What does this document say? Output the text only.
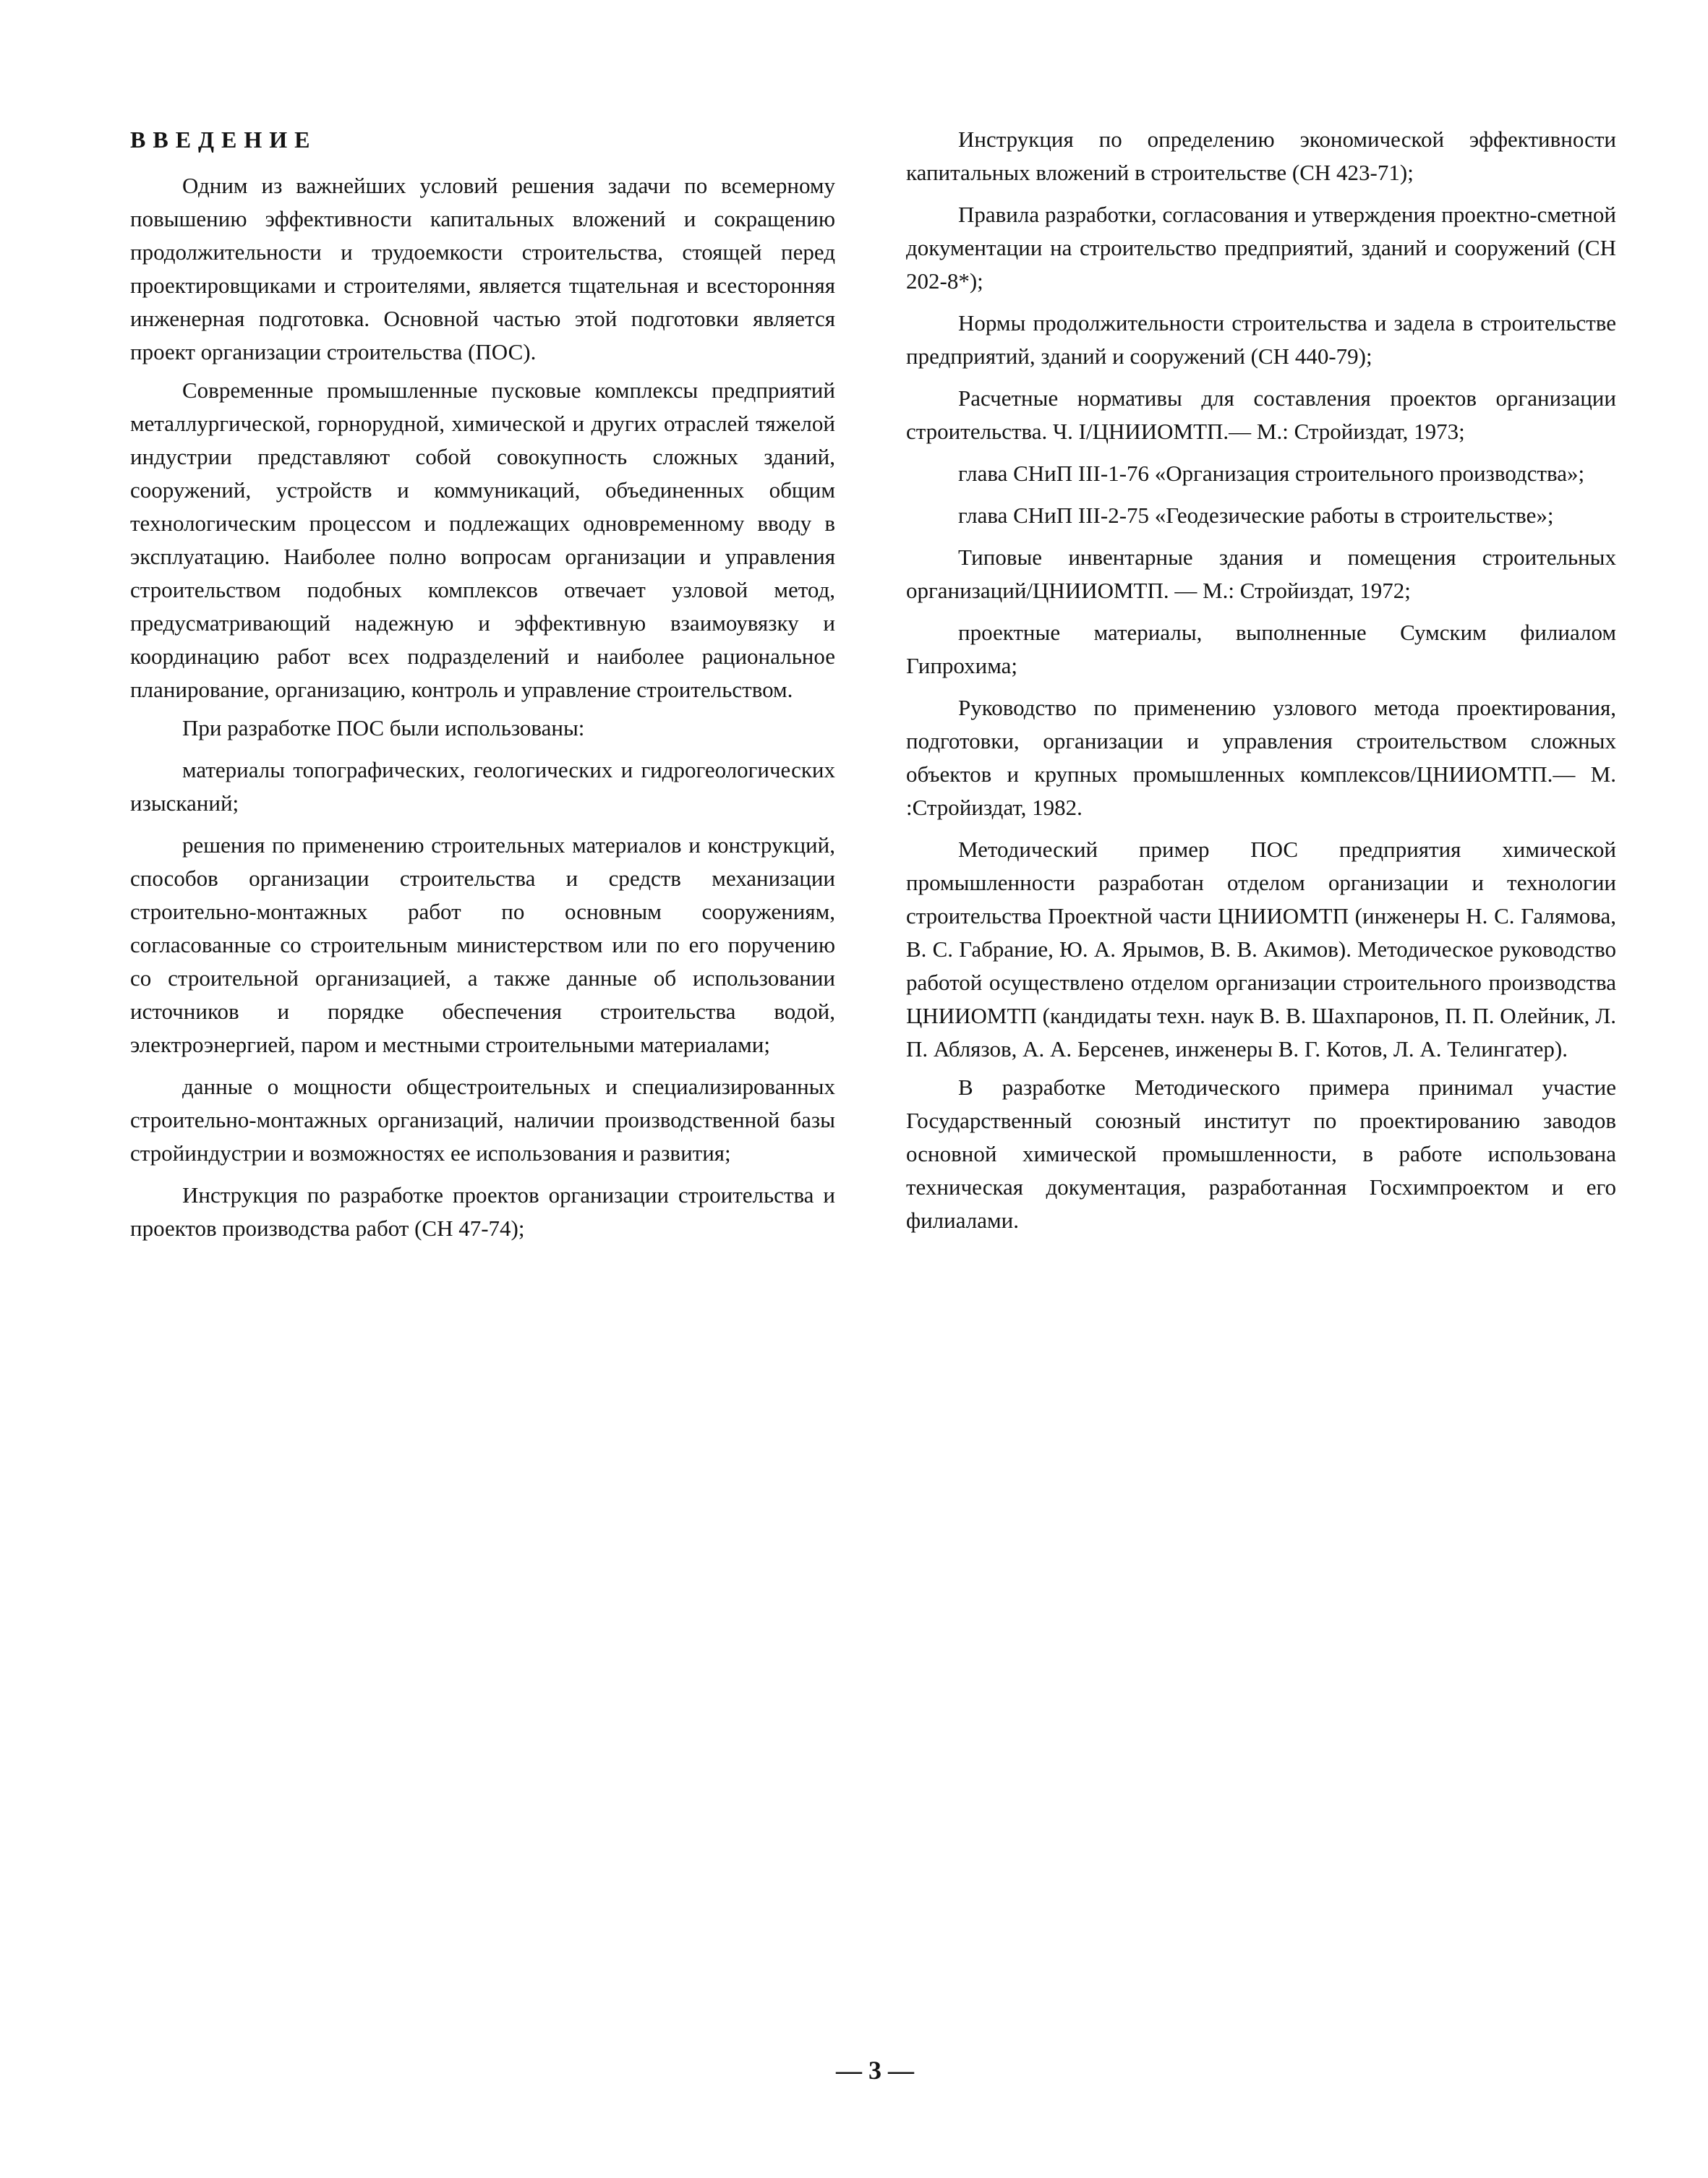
ВВЕДЕНИЕ

Одним из важнейших условий решения задачи по всемерному повышению эффективности капитальных вложений и сокращению продолжительности и трудоемкости строительства, стоящей перед проектировщиками и строителями, является тщательная и всесторонняя инженерная подготовка. Основной частью этой подготовки является проект организации строительства (ПОС).

Современные промышленные пусковые комплексы предприятий металлургической, горнорудной, химической и других отраслей тяжелой индустрии представляют собой совокупность сложных зданий, сооружений, устройств и коммуникаций, объединенных общим технологическим процессом и подлежащих одновременному вводу в эксплуатацию. Наиболее полно вопросам организации и управления строительством подобных комплексов отвечает узловой метод, предусматривающий надежную и эффективную взаимоувязку и координацию работ всех подразделений и наиболее рациональное планирование, организацию, контроль и управление строительством.

При разработке ПОС были использованы:

материалы топографических, геологических и гидрогеологических изысканий;

решения по применению строительных материалов и конструкций, способов организации строительства и средств механизации строительно-монтажных работ по основным сооружениям, согласованные со строительным министерством или по его поручению со строительной организацией, а также данные об использовании источников и порядке обеспечения строительства водой, электроэнергией, паром и местными строительными материалами;

данные о мощности общестроительных и специализированных строительно-монтажных организаций, наличии производственной базы стройиндустрии и возможностях ее использования и развития;

Инструкция по разработке проектов организации строительства и проектов производства работ (СН 47-74);

Инструкция по определению экономической эффективности капитальных вложений в строительстве (СН 423-71);

Правила разработки, согласования и утверждения проектно-сметной документации на строительство предприятий, зданий и сооружений (СН 202-8*);

Нормы продолжительности строительства и задела в строительстве предприятий, зданий и сооружений (СН 440-79);

Расчетные нормативы для составления проектов организации строительства. Ч. I/ЦНИИОМТП.— М.: Стройиздат, 1973;

глава СНиП III-1-76 «Организация строительного производства»;

глава СНиП III-2-75 «Геодезические работы в строительстве»;

Типовые инвентарные здания и помещения строительных организаций/ЦНИИОМТП. — М.: Стройиздат, 1972;

проектные материалы, выполненные Сумским филиалом Гипрохима;

Руководство по применению узлового метода проектирования, подготовки, организации и управления строительством сложных объектов и крупных промышленных комплексов/ЦНИИОМТП.— М. :Стройиздат, 1982.

Методический пример ПОС предприятия химической промышленности разработан отделом организации и технологии строительства Проектной части ЦНИИОМТП (инженеры Н. С. Галямова, В. С. Габрание, Ю. А. Ярымов, В. В. Акимов). Методическое руководство работой осуществлено отделом организации строительного производства ЦНИИОМТП (кандидаты техн. наук В. В. Шахпаронов, П. П. Олейник, Л. П. Аблязов, А. А. Берсенев, инженеры В. Г. Котов, Л. А. Телингатер).

В разработке Методического примера принимал участие Государственный союзный институт по проектированию заводов основной химической промышленности, в работе использована техническая документация, разработанная Госхимпроектом и его филиалами.

— 3 —
